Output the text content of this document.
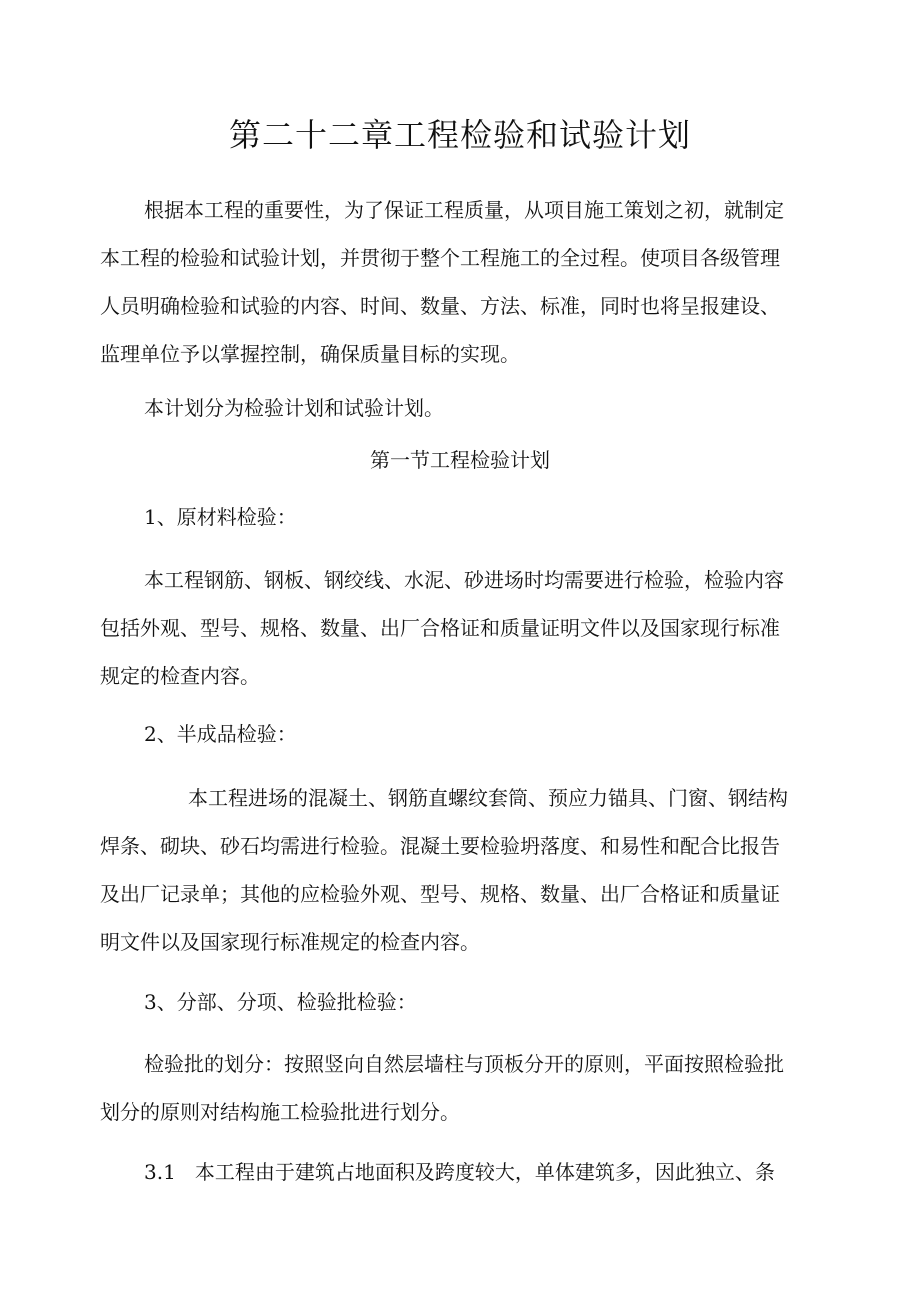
第二十二章工程检验和试验计划

根据本工程的重要性，为了保证工程质量，从项目施工策划之初，就制定

本工程的检验和试验计划，并贯彻于整个工程施工的全过程。使项目各级管理

人员明确检验和试验的内容、时间、数量、方法、标准，同时也将呈报建设、

监理单位予以掌握控制，确保质量目标的实现。

本计划分为检验计划和试验计划。

第一节工程检验计划

1、原材料检验：

本工程钢筋、钢板、钢绞线、水泥、砂进场时均需要进行检验，检验内容

包括外观、型号、规格、数量、出厂合格证和质量证明文件以及国家现行标准

规定的检查内容。

2、半成品检验：

本工程进场的混凝土、钢筋直螺纹套筒、预应力锚具、门窗、钢结构

焊条、砌块、砂石均需进行检验。混凝土要检验坍落度、和易性和配合比报告

及出厂记录单；其他的应检验外观、型号、规格、数量、出厂合格证和质量证

明文件以及国家现行标准规定的检查内容。

3、分部、分项、检验批检验：

检验批的划分：按照竖向自然层墙柱与顶板分开的原则，平面按照检验批

划分的原则对结构施工检验批进行划分。

3.1   本工程由于建筑占地面积及跨度较大，单体建筑多，因此独立、条
